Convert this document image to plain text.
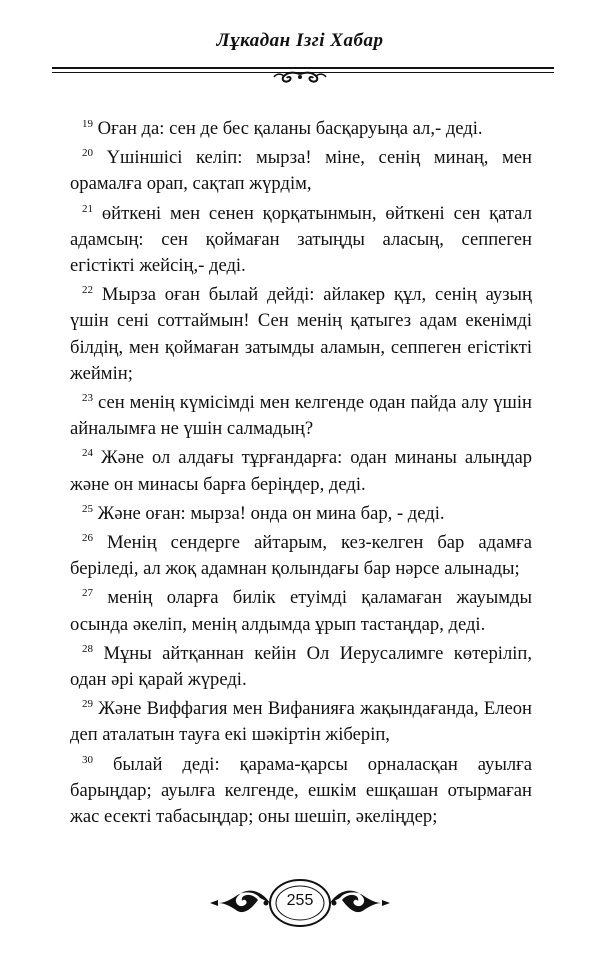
Лұкадан Ізгі Хабар

$^{19}$ Оған да: сен де бес қаланы басқаруыңа ал,- деді.

$^{20}$ Үшіншісі келіп: мырза! міне, сенің минаң, мен орамалға орап, сақтап жүрдім,

$^{21}$ өйткені мен сенен қорқатынмын, өйткені сен қатал адамсың: сен қоймаған затыңды аласың, сеппеген егістікті жейсің,- деді.

$^{22}$ Мырза оған былай дейді: айлакер құл, сенің аузың үшін сені соттаймын! Сен менің қатыгез адам екенімді білдің, мен қоймаған затымды аламын, сеппеген егістікті жеймін;

$^{23}$ сен менің күмісімді мен келгенде одан пайда алу үшін айналымға не үшін салмадың?

$^{24}$ Және ол алдағы тұрғандарға: одан минаны алыңдар және он минасы барға беріңдер, деді.

$^{25}$ Және оған: мырза! онда он мина бар, - деді.

$^{26}$ Менің сендерге айтарым, кез-келген бар адамға беріледі, ал жоқ адамнан қолындағы бар нәрсе алынады;

$^{27}$ менің оларға билік етуімді қаламаған жауымды осында әкеліп, менің алдымда ұрып тастаңдар, деді.

$^{28}$ Мұны айтқаннан кейін Ол Иерусалимге көтеріліп, одан әрі қарай жүреді.

$^{29}$ Және Виффагия мен Вифанияға жақындағанда, Елеон деп аталатын тауға екі шәкіртін жіберіп,

$^{30}$ былай деді: қарама-қарсы орналасқан ауылға барыңдар; ауылға келгенде, ешкім ешқашан отырмаған жас есекті табасыңдар; оны шешіп, әкеліңдер;

255
